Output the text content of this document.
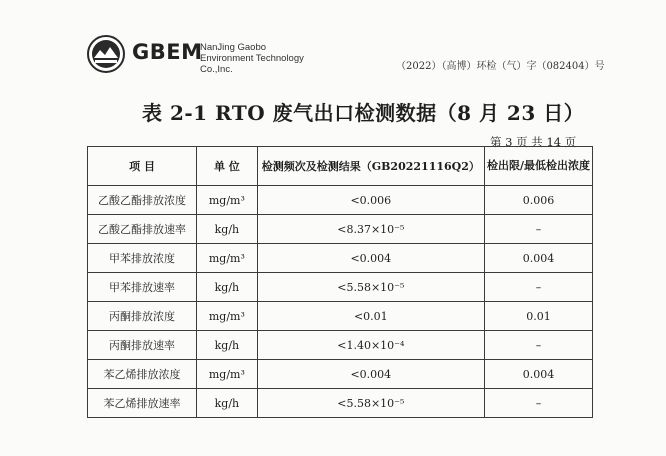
GBEM
NanJing Gaobo
Environment Technology
Co.,Inc.	（2022）（高博）环检（气）字（082404）号
表 2-1 RTO 废气出口检测数据（8 月 23 日）
第 3 页 共 14 页
项 目	单 位	检测频次及检测结果（GB20221116Q2）	检出限/最低检出浓度
乙酸乙酯排放浓度	mg/m³	<0.006	0.006
乙酸乙酯排放速率	kg/h	<8.37×10⁻⁵	–
甲苯排放浓度	mg/m³	<0.004	0.004
甲苯排放速率	kg/h	<5.58×10⁻⁵	–
丙酮排放浓度	mg/m³	<0.01	0.01
丙酮排放速率	kg/h	<1.40×10⁻⁴	–
苯乙烯排放浓度	mg/m³	<0.004	0.004
苯乙烯排放速率	kg/h	<5.58×10⁻⁵	–
